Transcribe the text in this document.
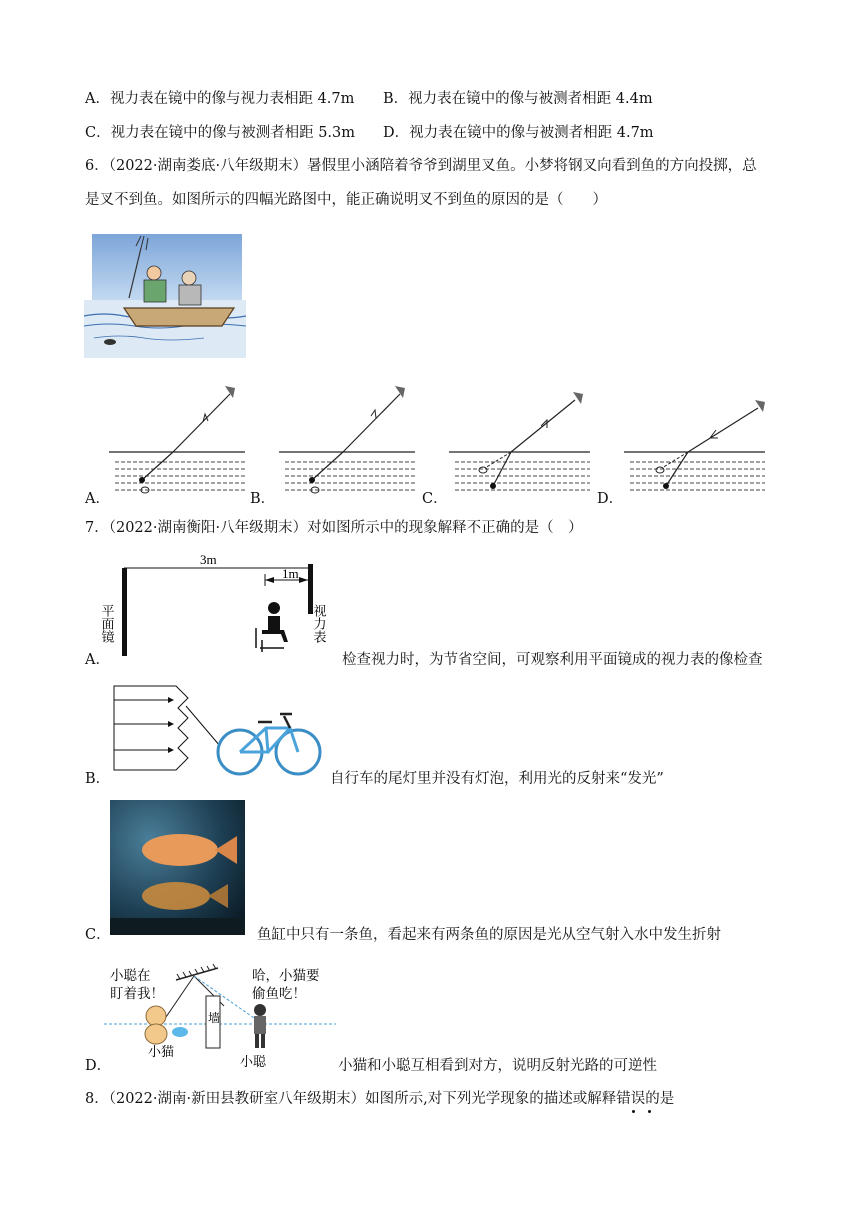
A．视力表在镜中的像与视力表相距 4.7m B．视力表在镜中的像与被测者相距 4.4m
C．视力表在镜中的像与被测者相距 5.3m D．视力表在镜中的像与被测者相距 4.7m
6．（2022·湖南娄底·八年级期末）暑假里小涵陪着爷爷到湖里叉鱼。小梦将钢叉向看到鱼的方向投掷，总
是叉不到鱼。如图所示的四幅光路图中，能正确说明叉不到鱼的原因的是（　　）
A．	B．	C．	D．
7．（2022·湖南衡阳·八年级期末）对如图所示中的现象解释不正确的是（　）
3m
1m
平面镜	视力表
A．	检查视力时，为节省空间，可观察利用平面镜成的视力表的像检查
B．	自行车的尾灯里并没有灯泡，利用光的反射来“发光”
C．	鱼缸中只有一条鱼，看起来有两条鱼的原因是光从空气射入水中发生折射
小聪在
盯着我！
哈，小猫要
偷鱼吃！
墙
小猫
小聪
D．	小猫和小聪互相看到对方，说明反射光路的可逆性
8．（2022·湖南·新田县教研室八年级期末）如图所示,对下列光学现象的描述或解释错误的是
